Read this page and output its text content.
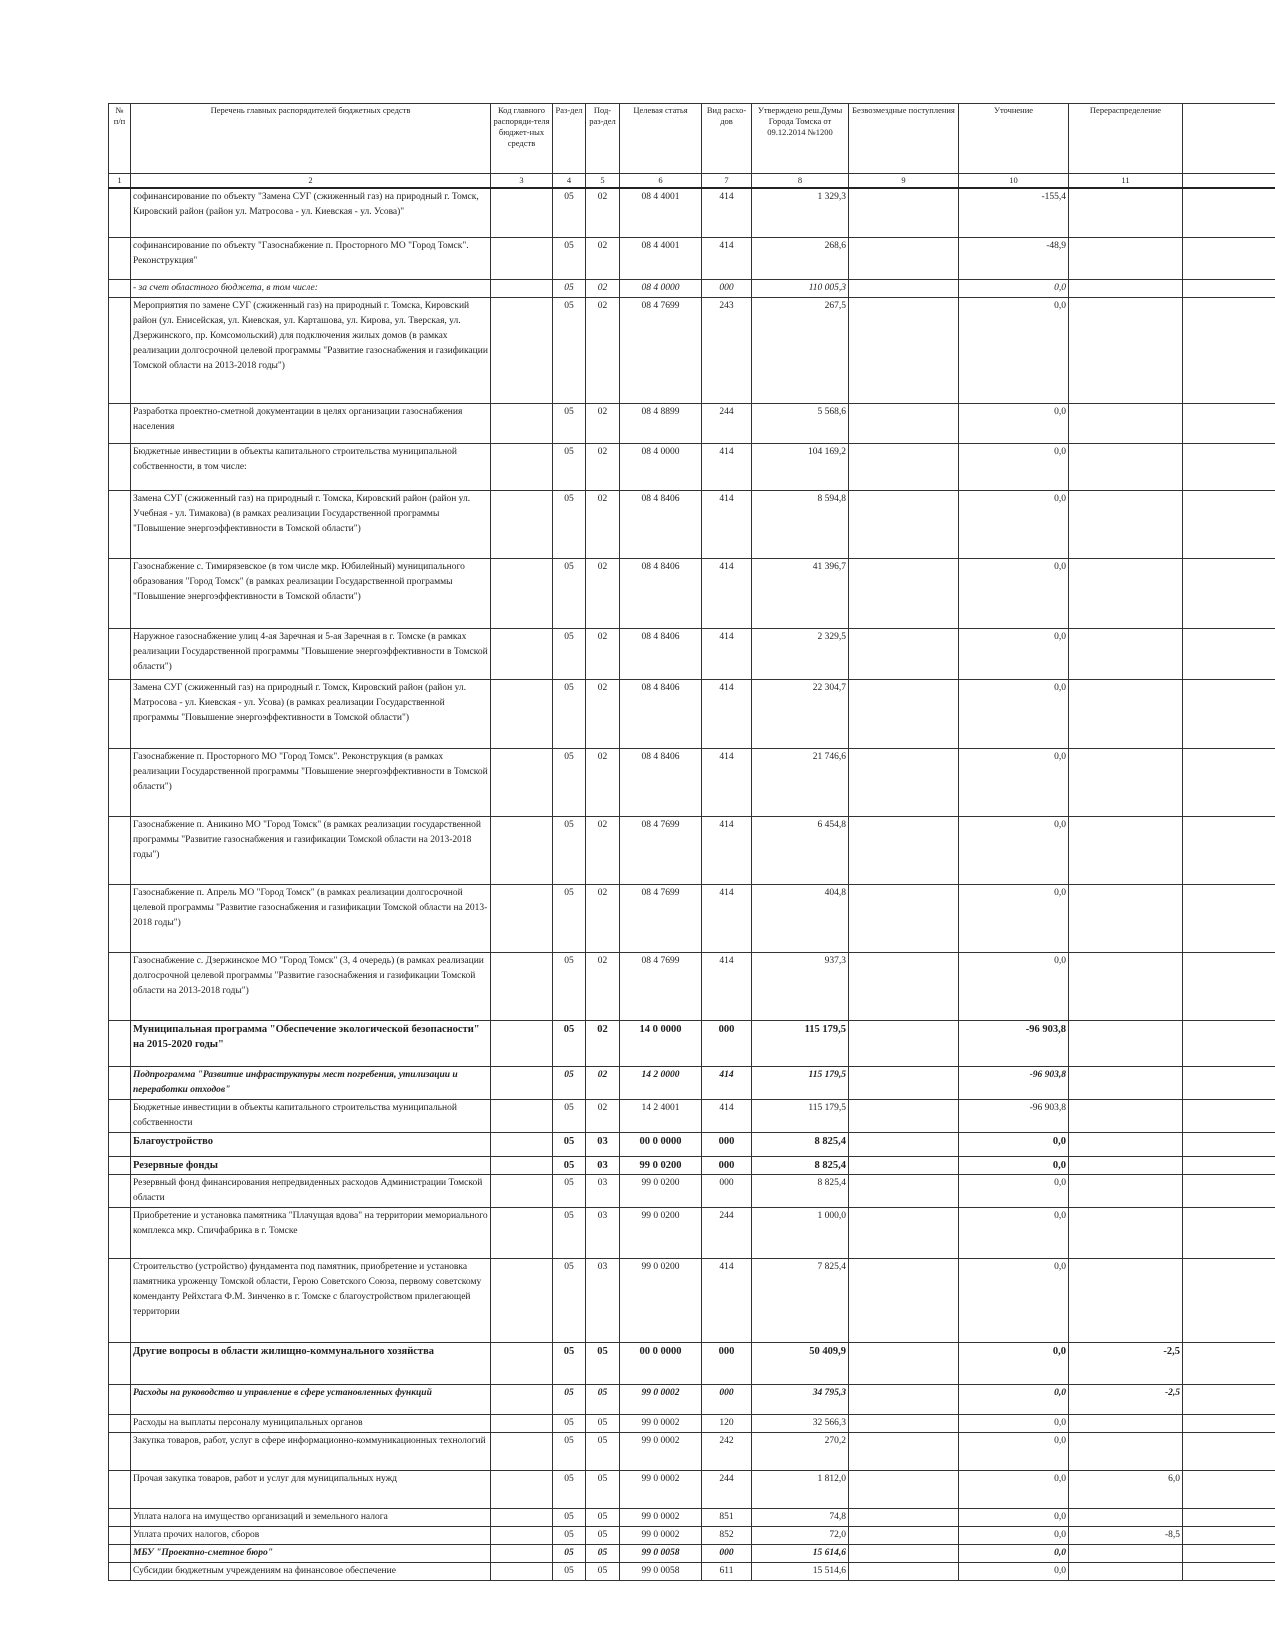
№ п/п	Перечень главных распорядителей бюджетных средств	Код главного распоряди-теля бюджет-ных средств	Раз-дел	Под-раз-дел	Целевая статья	Вид расхо-дов	Утверждено реш.Думы Города Томска от 09.12.2014 №1200	Безвозмездные поступления	Уточнение	Перераспределение	
1	2	3	4	5	6	7	8	9	10	11	
	софинансирование по объекту "Замена СУГ (сжиженный газ) на природный г. Томск, Кировский район (район ул. Матросова - ул. Киевская - ул. Усова)"		05	02	08 4 4001	414	1 329,3		-155,4		
	софинансирование по объекту "Газоснабжение п. Просторного МО "Город Томск". Реконструкция"		05	02	08 4 4001	414	268,6		-48,9		
	- за счет областного бюджета, в том числе:		05	02	08 4 0000	000	110 005,3		0,0		
	Мероприятия по замене СУГ (сжиженный газ) на природный г. Томска, Кировский район (ул. Енисейская, ул. Киевская, ул. Карташова, ул. Кирова, ул. Тверская, ул. Дзержинского, пр. Комсомольский) для подключения жилых домов (в рамках реализации долгосрочной целевой программы "Развитие газоснабжения и газификации Томской области на 2013-2018 годы")		05	02	08 4 7699	243	267,5		0,0		
	Разработка проектно-сметной документации в целях организации газоснабжения населения		05	02	08 4 8899	244	5 568,6		0,0		
	Бюджетные инвестиции в объекты капитального строительства муниципальной собственности, в том числе:		05	02	08 4 0000	414	104 169,2		0,0		
	Замена СУГ (сжиженный газ) на природный г. Томска, Кировский район (район ул. Учебная - ул. Тимакова) (в рамках реализации Государственной программы "Повышение энергоэффективности в Томской области")		05	02	08 4 8406	414	8 594,8		0,0		
	Газоснабжение с. Тимирязевское (в том числе мкр. Юбилейный) муниципального образования "Город Томск" (в рамках реализации Государственной программы "Повышение энергоэффективности в Томской области")		05	02	08 4 8406	414	41 396,7		0,0		
	Наружное газоснабжение улиц 4-ая Заречная и 5-ая Заречная в г. Томске (в рамках реализации Государственной программы "Повышение энергоэффективности в Томской области")		05	02	08 4 8406	414	2 329,5		0,0		
	Замена СУГ (сжиженный газ) на природный г. Томск, Кировский район (район ул. Матросова - ул. Киевская - ул. Усова) (в рамках реализации Государственной программы "Повышение энергоэффективности в Томской области")		05	02	08 4 8406	414	22 304,7		0,0		
	Газоснабжение п. Просторного МО "Город Томск". Реконструкция (в рамках реализации Государственной программы "Повышение энергоэффективности в Томской области")		05	02	08 4 8406	414	21 746,6		0,0		
	Газоснабжение п. Аникино МО "Город Томск" (в рамках реализации государственной программы "Развитие газоснабжения и газификации Томской области на 2013-2018 годы")		05	02	08 4 7699	414	6 454,8		0,0		
	Газоснабжение п. Апрель МО "Город Томск" (в рамках реализации долгосрочной целевой программы "Развитие газоснабжения и газификации Томской области на 2013-2018 годы")		05	02	08 4 7699	414	404,8		0,0		
	Газоснабжение с. Дзержинское МО "Город Томск" (3, 4 очередь) (в рамках реализации долгосрочной целевой программы "Развитие газоснабжения и газификации Томской области на 2013-2018 годы")		05	02	08 4 7699	414	937,3		0,0		
	Муниципальная программа "Обеспечение экологической безопасности" на 2015-2020 годы"		05	02	14 0 0000	000	115 179,5		-96 903,8		
	Подпрограмма "Развитие инфраструктуры мест погребения, утилизации и переработки отходов"		05	02	14 2 0000	414	115 179,5		-96 903,8		
	Бюджетные инвестиции в объекты капитального строительства муниципальной собственности		05	02	14 2 4001	414	115 179,5		-96 903,8		
	Благоустройство		05	03	00 0 0000	000	8 825,4		0,0		
	Резервные фонды		05	03	99 0 0200	000	8 825,4		0,0		
	Резервный фонд финансирования непредвиденных расходов Администрации Томской области		05	03	99 0 0200	000	8 825,4		0,0		
	Приобретение и установка памятника "Плачущая вдова" на территории мемориального комплекса мкр. Спичфабрика в г. Томске		05	03	99 0 0200	244	1 000,0		0,0		
	Строительство (устройство) фундамента под памятник, приобретение и установка памятника уроженцу Томской области, Герою Советского Союза, первому советскому коменданту Рейхстага Ф.М. Зинченко в г. Томске с благоустройством прилегающей территории		05	03	99 0 0200	414	7 825,4		0,0		
	Другие вопросы в области жилищно-коммунального хозяйства		05	05	00 0 0000	000	50 409,9		0,0	-2,5	
	Расходы на руководство и управление в сфере установленных функций		05	05	99 0 0002	000	34 795,3		0,0	-2,5	
	Расходы на выплаты персоналу муниципальных органов		05	05	99 0 0002	120	32 566,3		0,0		
	Закупка товаров, работ, услуг в сфере информационно-коммуникационных технологий		05	05	99 0 0002	242	270,2		0,0		
	Прочая закупка товаров, работ и услуг для муниципальных нужд		05	05	99 0 0002	244	1 812,0		0,0	6,0	
	Уплата налога на имущество организаций и земельного налога		05	05	99 0 0002	851	74,8		0,0		
	Уплата прочих налогов, сборов		05	05	99 0 0002	852	72,0		0,0	-8,5	
	МБУ "Проектно-сметное бюро"		05	05	99 0 0058	000	15 614,6		0,0		
	Субсидии бюджетным учреждениям на финансовое обеспечение		05	05	99 0 0058	611	15 514,6		0,0		
